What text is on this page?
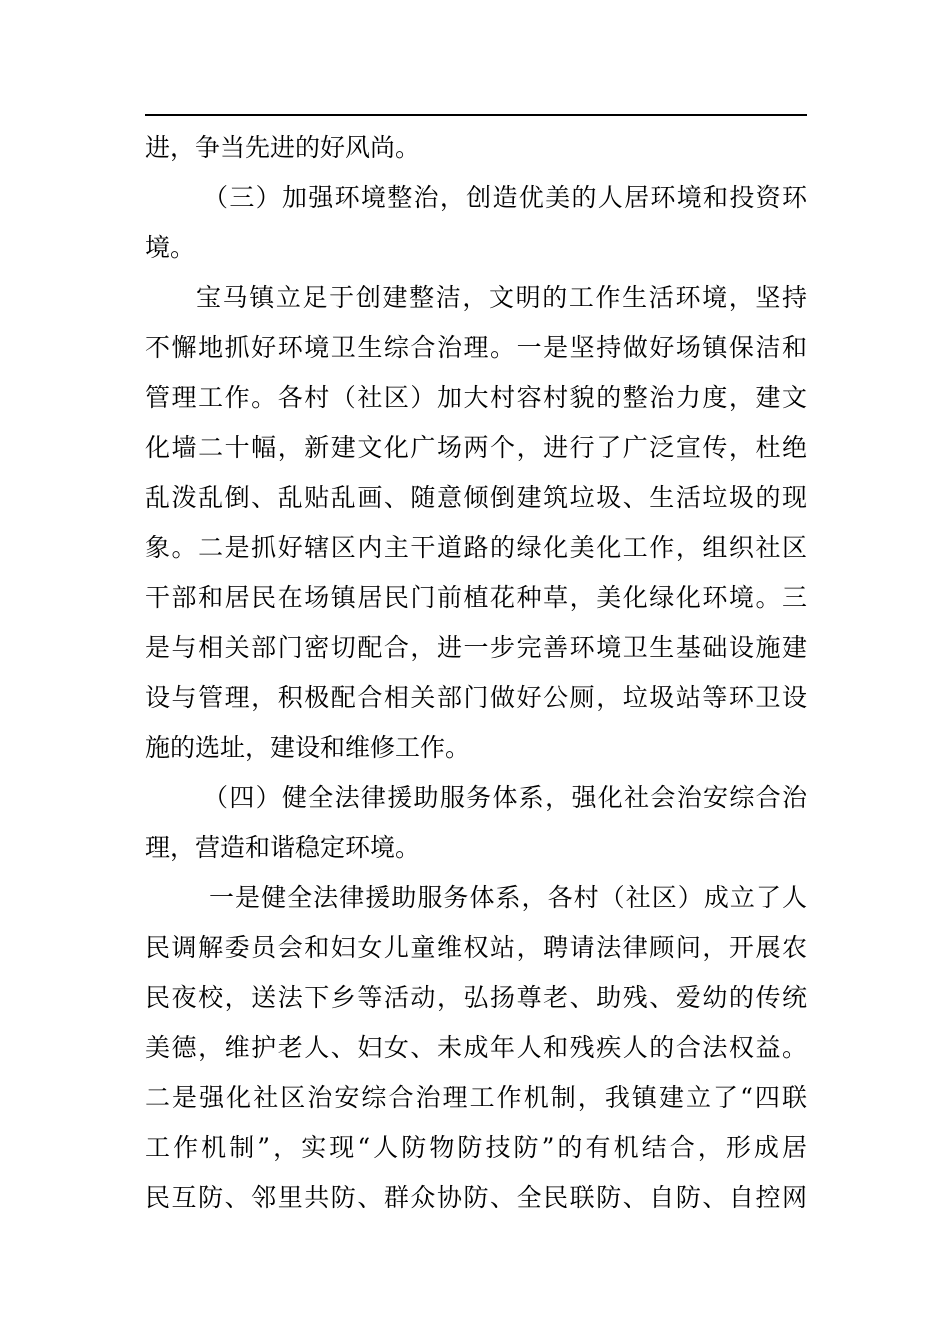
进，争当先进的好风尚。
（三）加强环境整治，创造优美的人居环境和投资环
境。
宝马镇立足于创建整洁，文明的工作生活环境，坚持
不懈地抓好环境卫生综合治理。一是坚持做好场镇保洁和
管理工作。各村（社区）加大村容村貌的整治力度，建文
化墙二十幅，新建文化广场两个，进行了广泛宣传，杜绝
乱泼乱倒、乱贴乱画、随意倾倒建筑垃圾、生活垃圾的现
象。二是抓好辖区内主干道路的绿化美化工作，组织社区
干部和居民在场镇居民门前植花种草，美化绿化环境。三
是与相关部门密切配合，进一步完善环境卫生基础设施建
设与管理，积极配合相关部门做好公厕，垃圾站等环卫设
施的选址，建设和维修工作。
（四）健全法律援助服务体系，强化社会治安综合治
理，营造和谐稳定环境。
一是健全法律援助服务体系，各村（社区）成立了人
民调解委员会和妇女儿童维权站，聘请法律顾问，开展农
民夜校，送法下乡等活动，弘扬尊老、助残、爱幼的传统
美德，维护老人、妇女、未成年人和残疾人的合法权益。
二是强化社区治安综合治理工作机制，我镇建立了“四联
工作机制”，实现“人防物防技防”的有机结合，形成居
民互防、邻里共防、群众协防、全民联防、自防、自控网
